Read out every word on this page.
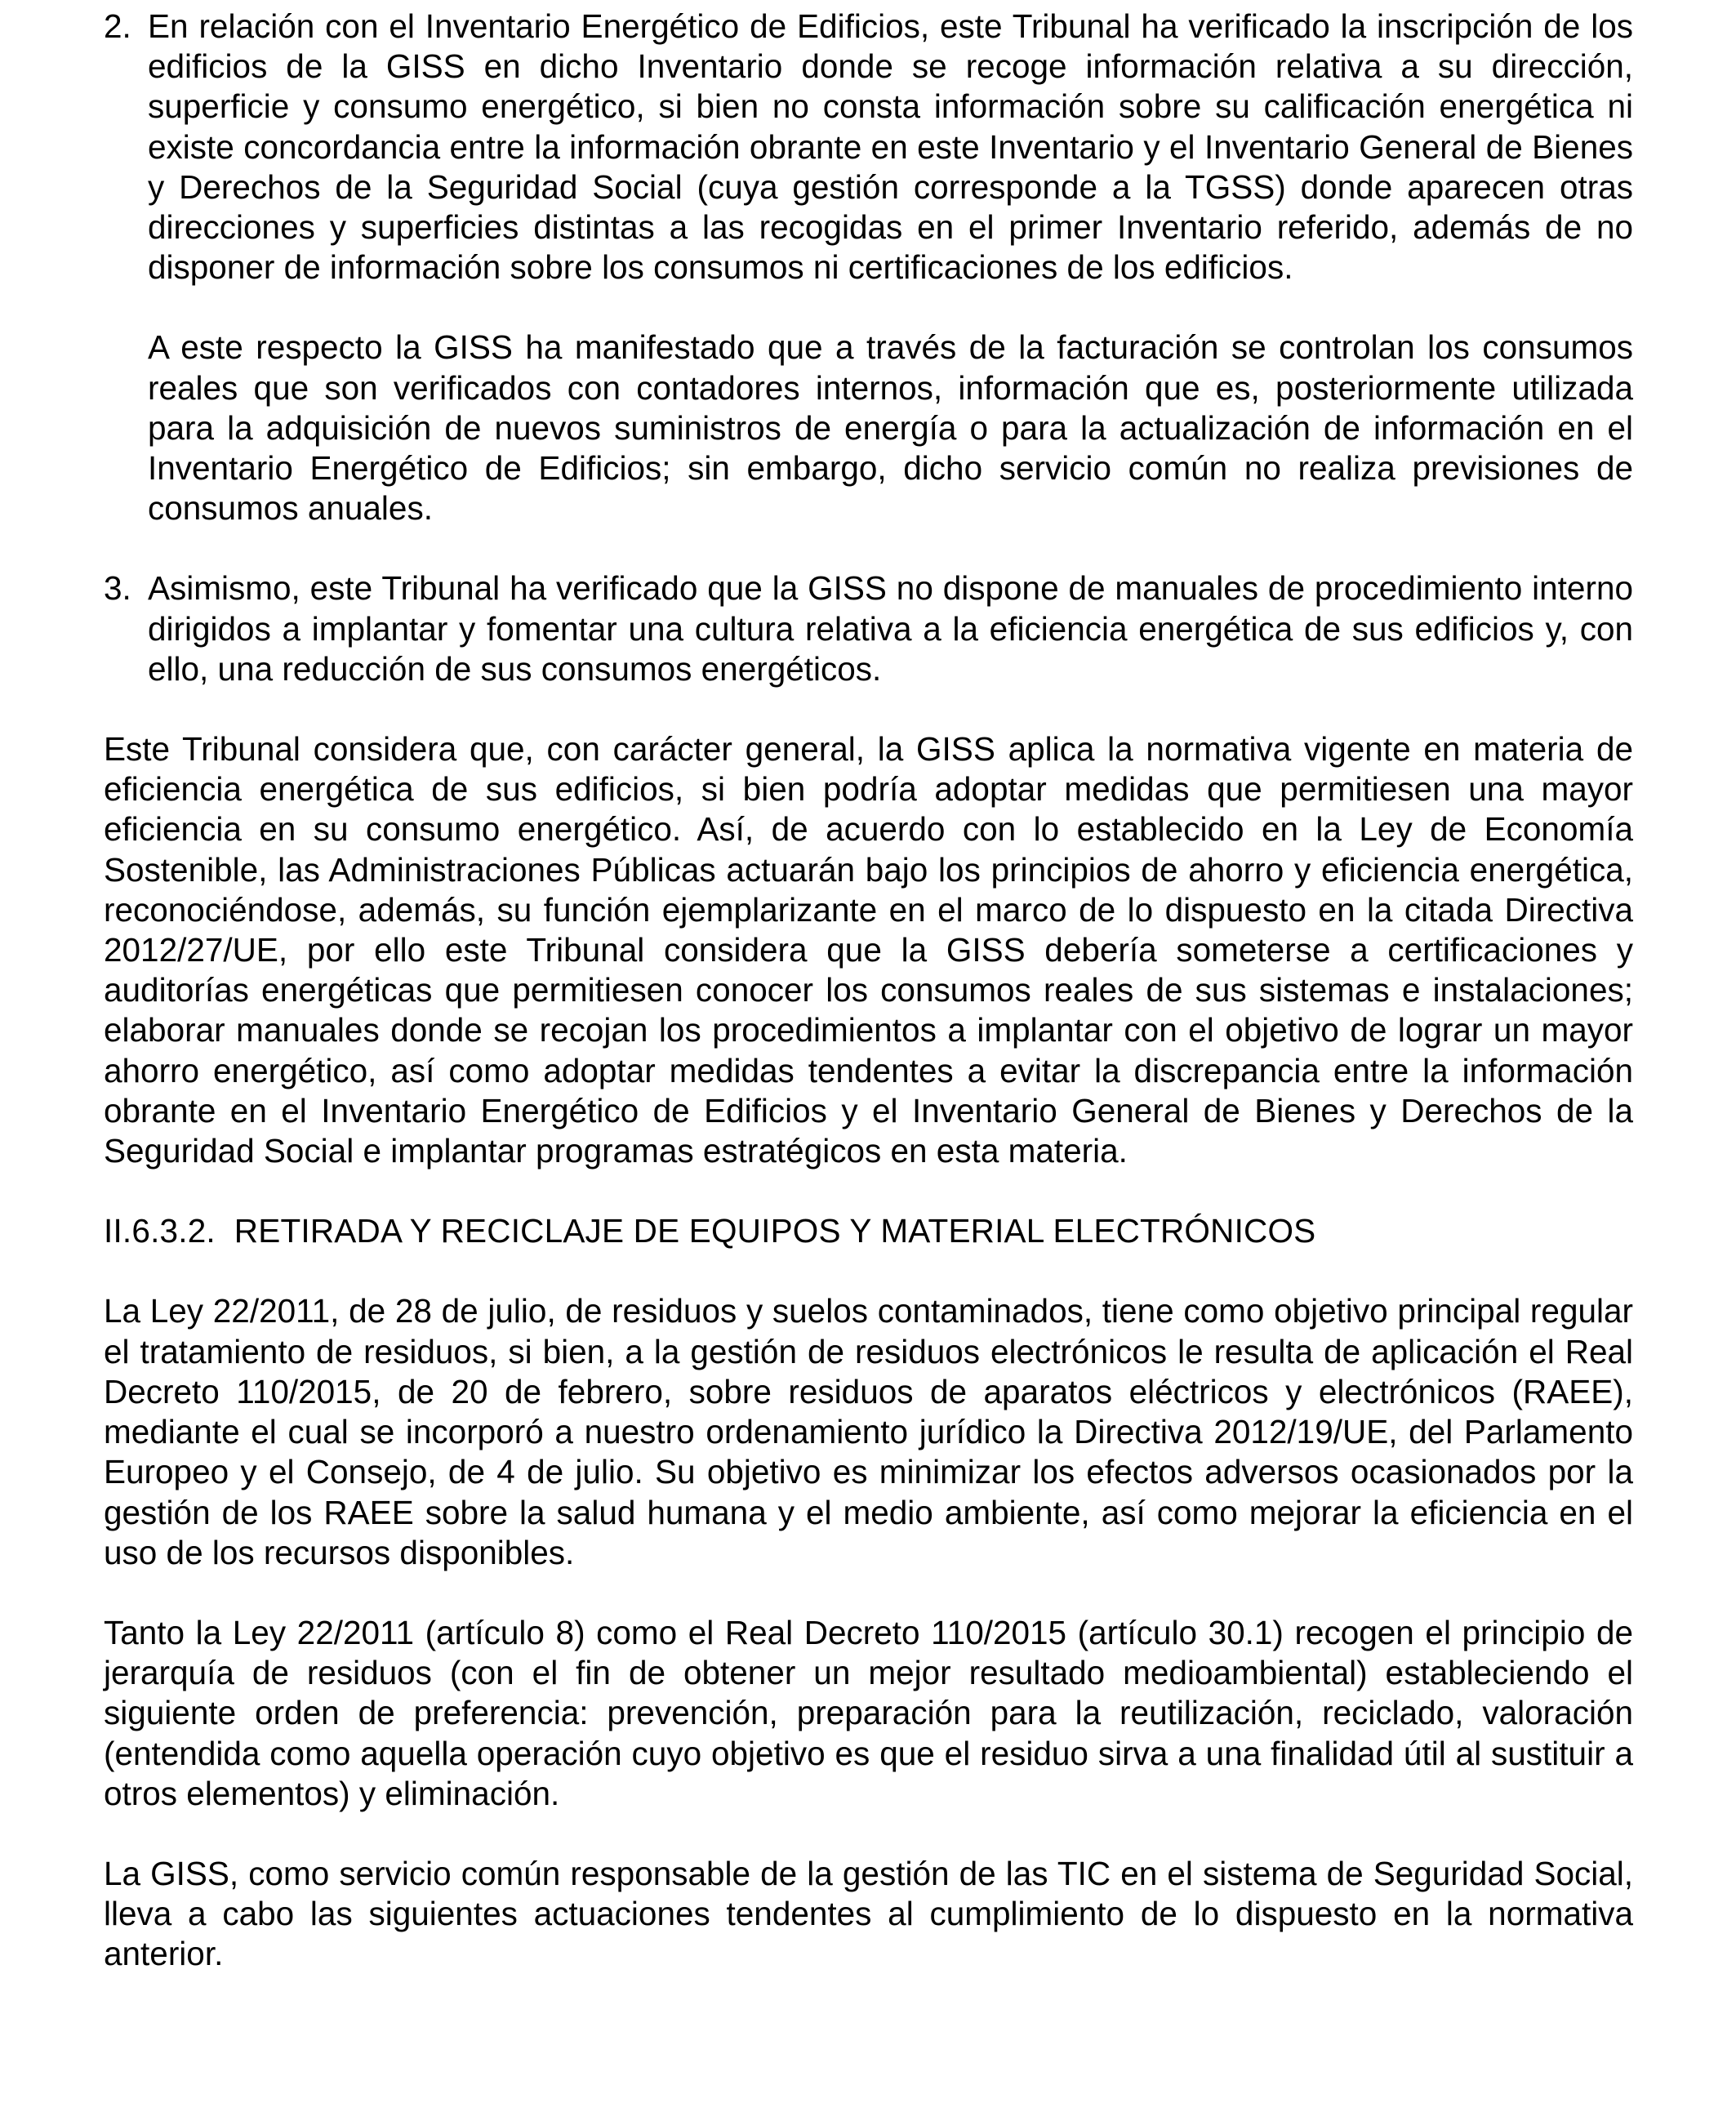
2. En relación con el Inventario Energético de Edificios, este Tribunal ha verificado la inscripción de los edificios de la GISS en dicho Inventario donde se recoge información relativa a su dirección, superficie y consumo energético, si bien no consta información sobre su calificación energética ni existe concordancia entre la información obrante en este Inventario y el Inventario General de Bienes y Derechos de la Seguridad Social (cuya gestión corresponde a la TGSS) donde aparecen otras direcciones y superficies distintas a las recogidas en el primer Inventario referido, además de no disponer de información sobre los consumos ni certificaciones de los edificios.
A este respecto la GISS ha manifestado que a través de la facturación se controlan los consumos reales que son verificados con contadores internos, información que es, posteriormente utilizada para la adquisición de nuevos suministros de energía o para la actualización de información en el Inventario Energético de Edificios; sin embargo, dicho servicio común no realiza previsiones de consumos anuales.
3. Asimismo, este Tribunal ha verificado que la GISS no dispone de manuales de procedimiento interno dirigidos a implantar y fomentar una cultura relativa a la eficiencia energética de sus edificios y, con ello, una reducción de sus consumos energéticos.

Este Tribunal considera que, con carácter general, la GISS aplica la normativa vigente en materia de eficiencia energética de sus edificios, si bien podría adoptar medidas que permitiesen una mayor eficiencia en su consumo energético. Así, de acuerdo con lo establecido en la Ley de Economía Sostenible, las Administraciones Públicas actuarán bajo los principios de ahorro y eficiencia energética, reconociéndose, además, su función ejemplarizante en el marco de lo dispuesto en la citada Directiva 2012/27/UE, por ello este Tribunal considera que la GISS debería someterse a certificaciones y auditorías energéticas que permitiesen conocer los consumos reales de sus sistemas e instalaciones; elaborar manuales donde se recojan los procedimientos a implantar con el objetivo de lograr un mayor ahorro energético, así como adoptar medidas tendentes a evitar la discrepancia entre la información obrante en el Inventario Energético de Edificios y el Inventario General de Bienes y Derechos de la Seguridad Social e implantar programas estratégicos en esta materia.

II.6.3.2.  RETIRADA Y RECICLAJE DE EQUIPOS Y MATERIAL ELECTRÓNICOS

La Ley 22/2011, de 28 de julio, de residuos y suelos contaminados, tiene como objetivo principal regular el tratamiento de residuos, si bien, a la gestión de residuos electrónicos le resulta de aplicación el Real Decreto 110/2015, de 20 de febrero, sobre residuos de aparatos eléctricos y electrónicos (RAEE), mediante el cual se incorporó a nuestro ordenamiento jurídico la Directiva 2012/19/UE, del Parlamento Europeo y el Consejo, de 4 de julio. Su objetivo es minimizar los efectos adversos ocasionados por la gestión de los RAEE sobre la salud humana y el medio ambiente, así como mejorar la eficiencia en el uso de los recursos disponibles.

Tanto la Ley 22/2011 (artículo 8) como el Real Decreto 110/2015 (artículo 30.1) recogen el principio de jerarquía de residuos (con el fin de obtener un mejor resultado medioambiental) estableciendo el siguiente orden de preferencia: prevención, preparación para la reutilización, reciclado, valoración (entendida como aquella operación cuyo objetivo es que el residuo sirva a una finalidad útil al sustituir a otros elementos) y eliminación.

La GISS, como servicio común responsable de la gestión de las TIC en el sistema de Seguridad Social, lleva a cabo las siguientes actuaciones tendentes al cumplimiento de lo dispuesto en la normativa anterior.
